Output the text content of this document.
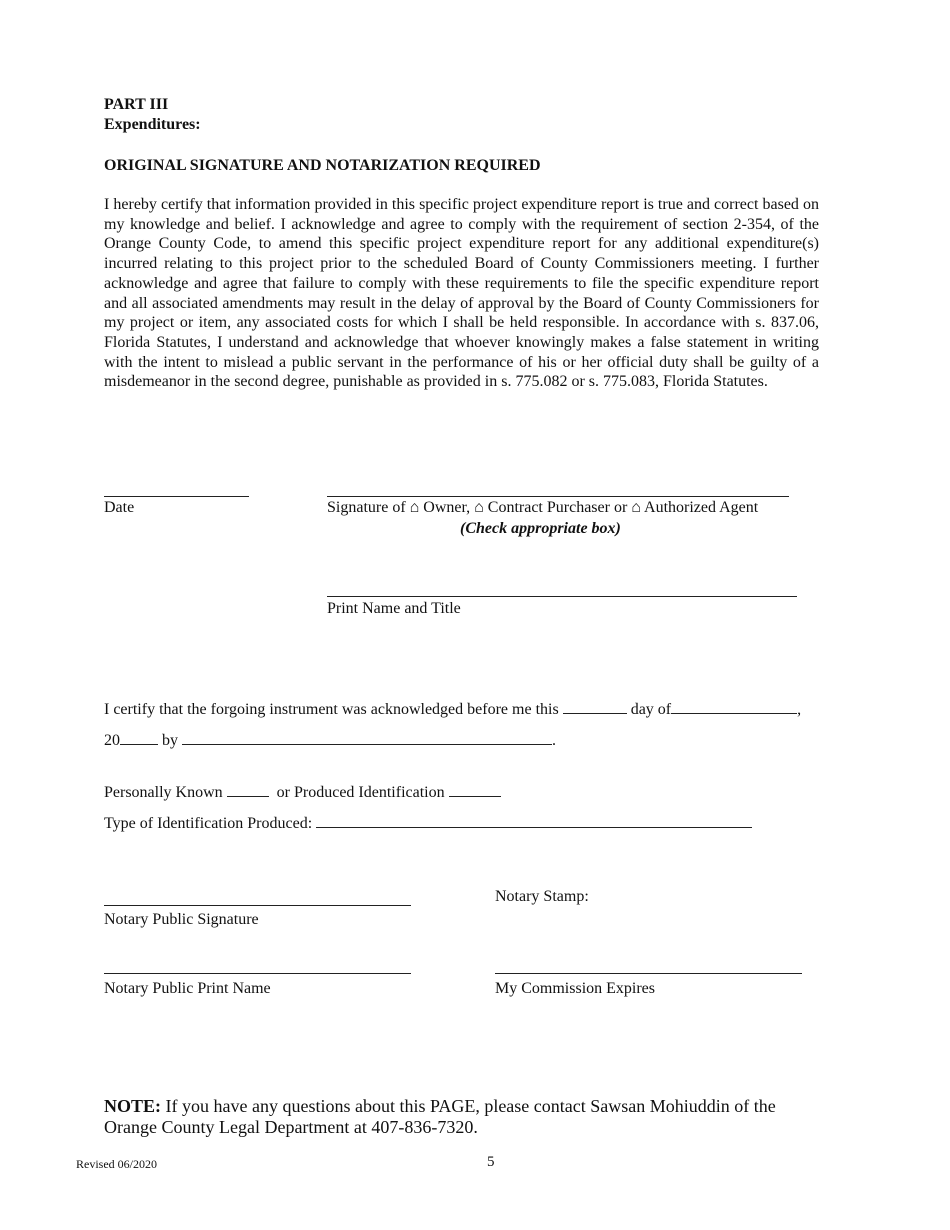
PART III
Expenditures:
ORIGINAL SIGNATURE AND NOTARIZATION REQUIRED
I hereby certify that information provided in this specific project expenditure report is true and correct based on my knowledge and belief. I acknowledge and agree to comply with the requirement of section 2-354, of the Orange County Code, to amend this specific project expenditure report for any additional expenditure(s) incurred relating to this project prior to the scheduled Board of County Commissioners meeting. I further acknowledge and agree that failure to comply with these requirements to file the specific expenditure report and all associated amendments may result in the delay of approval by the Board of County Commissioners for my project or item, any associated costs for which I shall be held responsible. In accordance with s. 837.06, Florida Statutes, I understand and acknowledge that whoever knowingly makes a false statement in writing with the intent to mislead a public servant in the performance of his or her official duty shall be guilty of a misdemeanor in the second degree, punishable as provided in s. 775.082 or s. 775.083, Florida Statutes.
Date	Signature of ⌂ Owner, ⌂ Contract Purchaser or ⌂ Authorized Agent
(Check appropriate box)
Print Name and Title
I certify that the forgoing instrument was acknowledged before me this	day of	,
20	by	.
Personally Known	or Produced Identification
Type of Identification Produced:
Notary Stamp:
Notary Public Signature
Notary Public Print Name	My Commission Expires
NOTE: If you have any questions about this PAGE, please contact Sawsan Mohiuddin of the Orange County Legal Department at 407-836-7320.
Revised 06/2020	5
